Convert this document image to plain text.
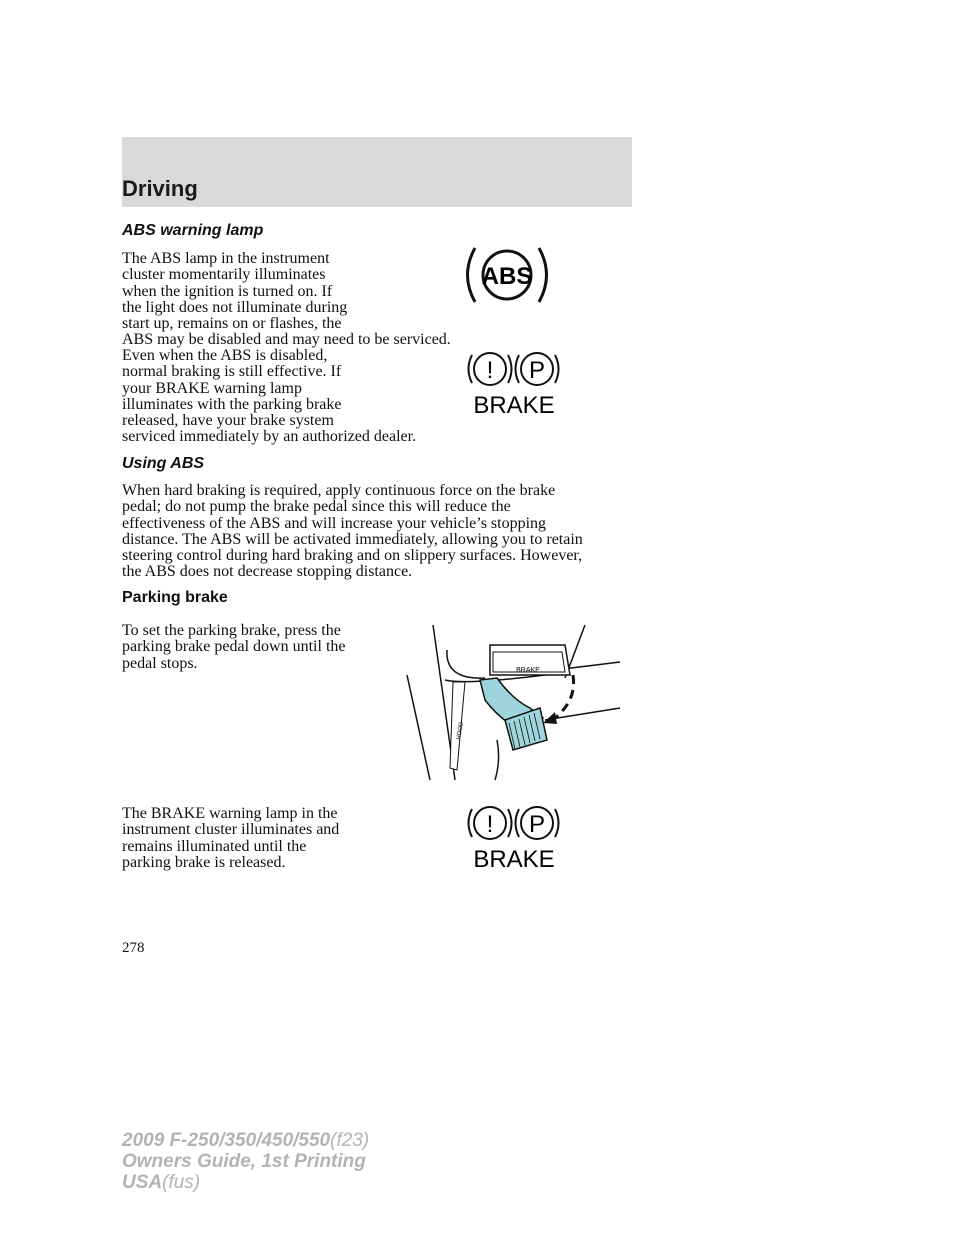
Driving
ABS warning lamp
The ABS lamp in the instrument
cluster momentarily illuminates
when the ignition is turned on. If
the light does not illuminate during
start up, remains on or flashes, the
ABS may be disabled and may need to be serviced.
Even when the ABS is disabled,
normal braking is still effective. If
your BRAKE warning lamp
illuminates with the parking brake
released, have your brake system
serviced immediately by an authorized dealer.
ABS
! P
BRAKE
Using ABS
When hard braking is required, apply continuous force on the brake
pedal; do not pump the brake pedal since this will reduce the
effectiveness of the ABS and will increase your vehicle’s stopping
distance. The ABS will be activated immediately, allowing you to retain
steering control during hard braking and on slippery surfaces. However,
the ABS does not decrease stopping distance.
Parking brake
To set the parking brake, press the
parking brake pedal down until the
pedal stops.	BRAKE
HOOD
The BRAKE warning lamp in the
instrument cluster illuminates and
remains illuminated until the
parking brake is released.
! P
BRAKE
278
2009 F-250/350/450/550(f23)
Owners Guide, 1st Printing
USA(fus)
